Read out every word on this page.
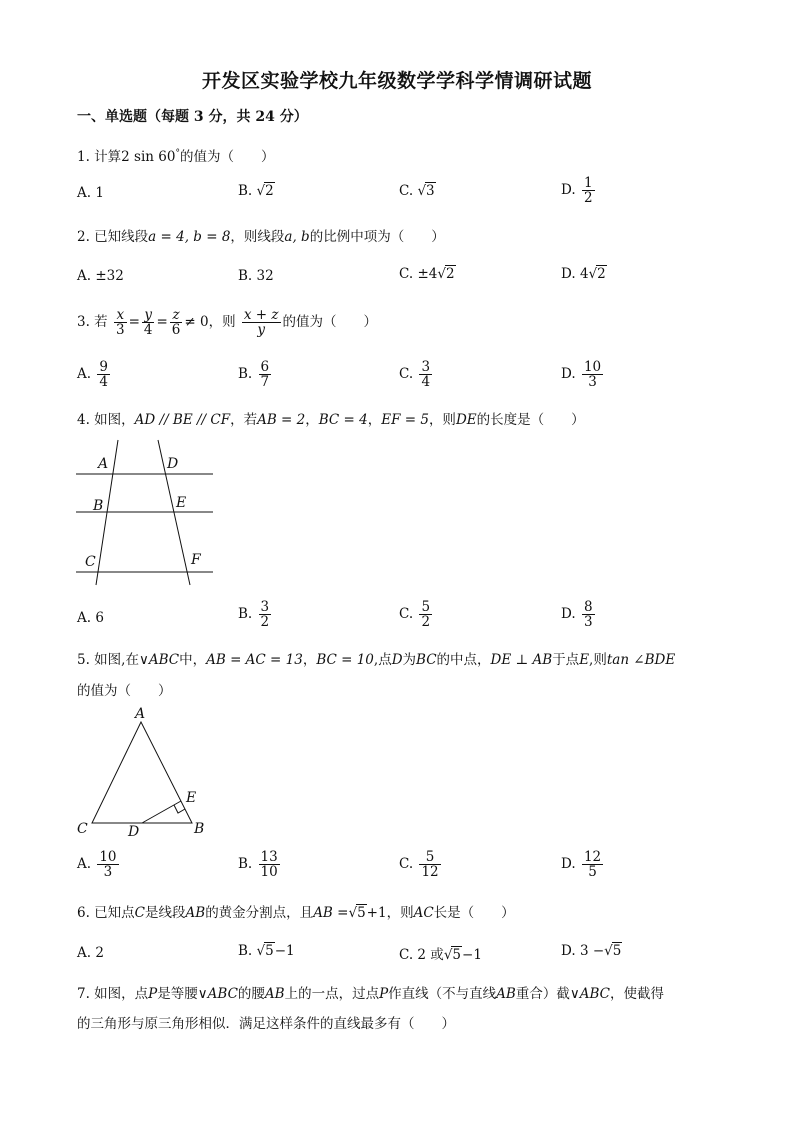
开发区实验学校九年级数学学科学情调研试题
一、单选题（每题 3 分，共 24 分）
1. 计算2 sin 60°的值为（　　）
A. 1	B. √2	C. √3	D. $\frac{1}{2}$
2. 已知线段a = 4, b = 8，则线段a, b的比例中项为（　　）
A. ±32	B. 32	C. ±4√2	D. 4√2
3. 若 $\frac{x}{3} = \frac{y}{4} = \frac{z}{6} \ne 0$，则 $\frac{x + z}{y}$ 的值为（　　）
A. $\frac{9}{4}$	B. $\frac{6}{7}$	C. $\frac{3}{4}$	D. $\frac{10}{3}$
4. 如图，AD // BE // CF，若AB = 2，BC = 4，EF = 5，则DE的长度是（　　）
A	D
B	E
C	F
A. 6	B. $\frac{3}{2}$	C. $\frac{5}{2}$	D. $\frac{8}{3}$
5. 如图,在∨ABC中，AB = AC = 13，BC = 10,点D为BC的中点，DE ⊥ AB于点E,则tan ∠BDE
的值为（　　）
A
C	D	B
E
A. $\frac{10}{3}$	B. $\frac{13}{10}$	C. $\frac{5}{12}$	D. $\frac{12}{5}$
6. 已知点C是线段AB的黄金分割点，且AB =√5+1，则AC长是（　　）
A. 2	B. √5−1	C. 2 或√5−1	D. 3 −√5
7. 如图，点P是等腰∨ABC的腰AB上的一点，过点P作直线（不与直线AB重合）截∨ABC，使截得
的三角形与原三角形相似．满足这样条件的直线最多有（　　）
